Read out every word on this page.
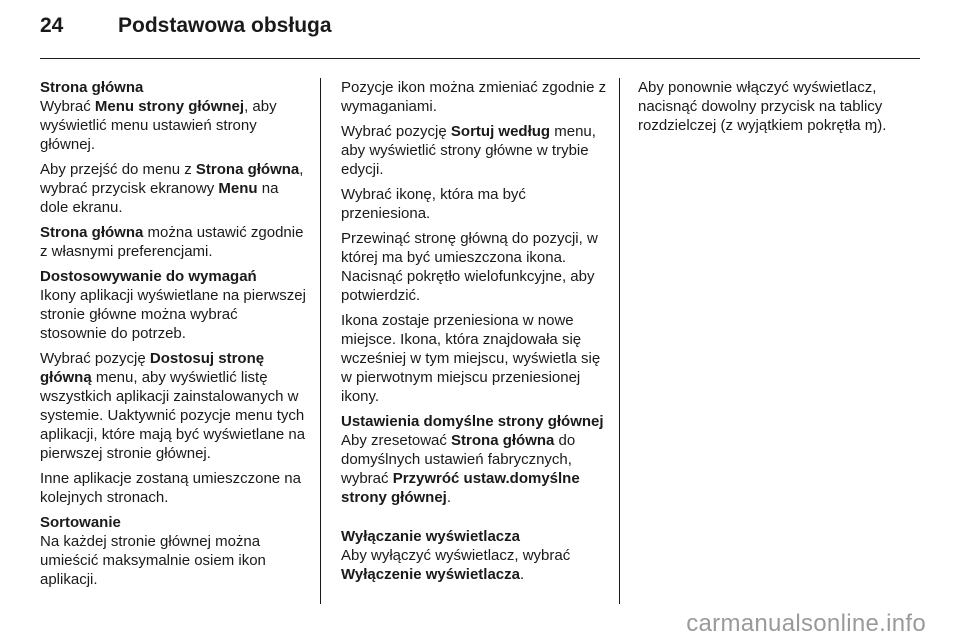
24	Podstawowa obsługa
Strona główna

Wybrać Menu strony głównej, aby wyświetlić menu ustawień strony głównej.

Aby przejść do menu z Strona główna, wybrać przycisk ekranowy Menu na dole ekranu.

Strona główna można ustawić zgodnie z własnymi preferencjami.

Dostosowywanie do wymagań

Ikony aplikacji wyświetlane na pierwszej stronie główne można wybrać stosownie do potrzeb.

Wybrać pozycję Dostosuj stronę główną menu, aby wyświetlić listę wszystkich aplikacji zainstalowanych w systemie. Uaktywnić pozycje menu tych aplikacji, które mają być wyświetlane na pierwszej stronie głównej.

Inne aplikacje zostaną umieszczone na kolejnych stronach.

Sortowanie

Na każdej stronie głównej można umieścić maksymalnie osiem ikon aplikacji.

Pozycje ikon można zmieniać zgodnie z wymaganiami.

Wybrać pozycję Sortuj według menu, aby wyświetlić strony główne w trybie edycji.

Wybrać ikonę, która ma być przeniesiona.

Przewinąć stronę główną do pozycji, w której ma być umieszczona ikona. Nacisnąć pokrętło wielofunkcyjne, aby potwierdzić.

Ikona zostaje przeniesiona w nowe miejsce. Ikona, która znajdowała się wcześniej w tym miejscu, wyświetla się w pierwotnym miejscu przeniesionej ikony.

Ustawienia domyślne strony głównej

Aby zresetować Strona główna do domyślnych ustawień fabrycznych, wybrać Przywróć ustaw.domyślne strony głównej.

Wyłączanie wyświetlacza

Aby wyłączyć wyświetlacz, wybrać Wyłączenie wyświetlacza.

Aby ponownie włączyć wyświetlacz, nacisnąć dowolny przycisk na tablicy rozdzielczej (z wyjątkiem pokrętła ɱ).

carmanualsonline.info
